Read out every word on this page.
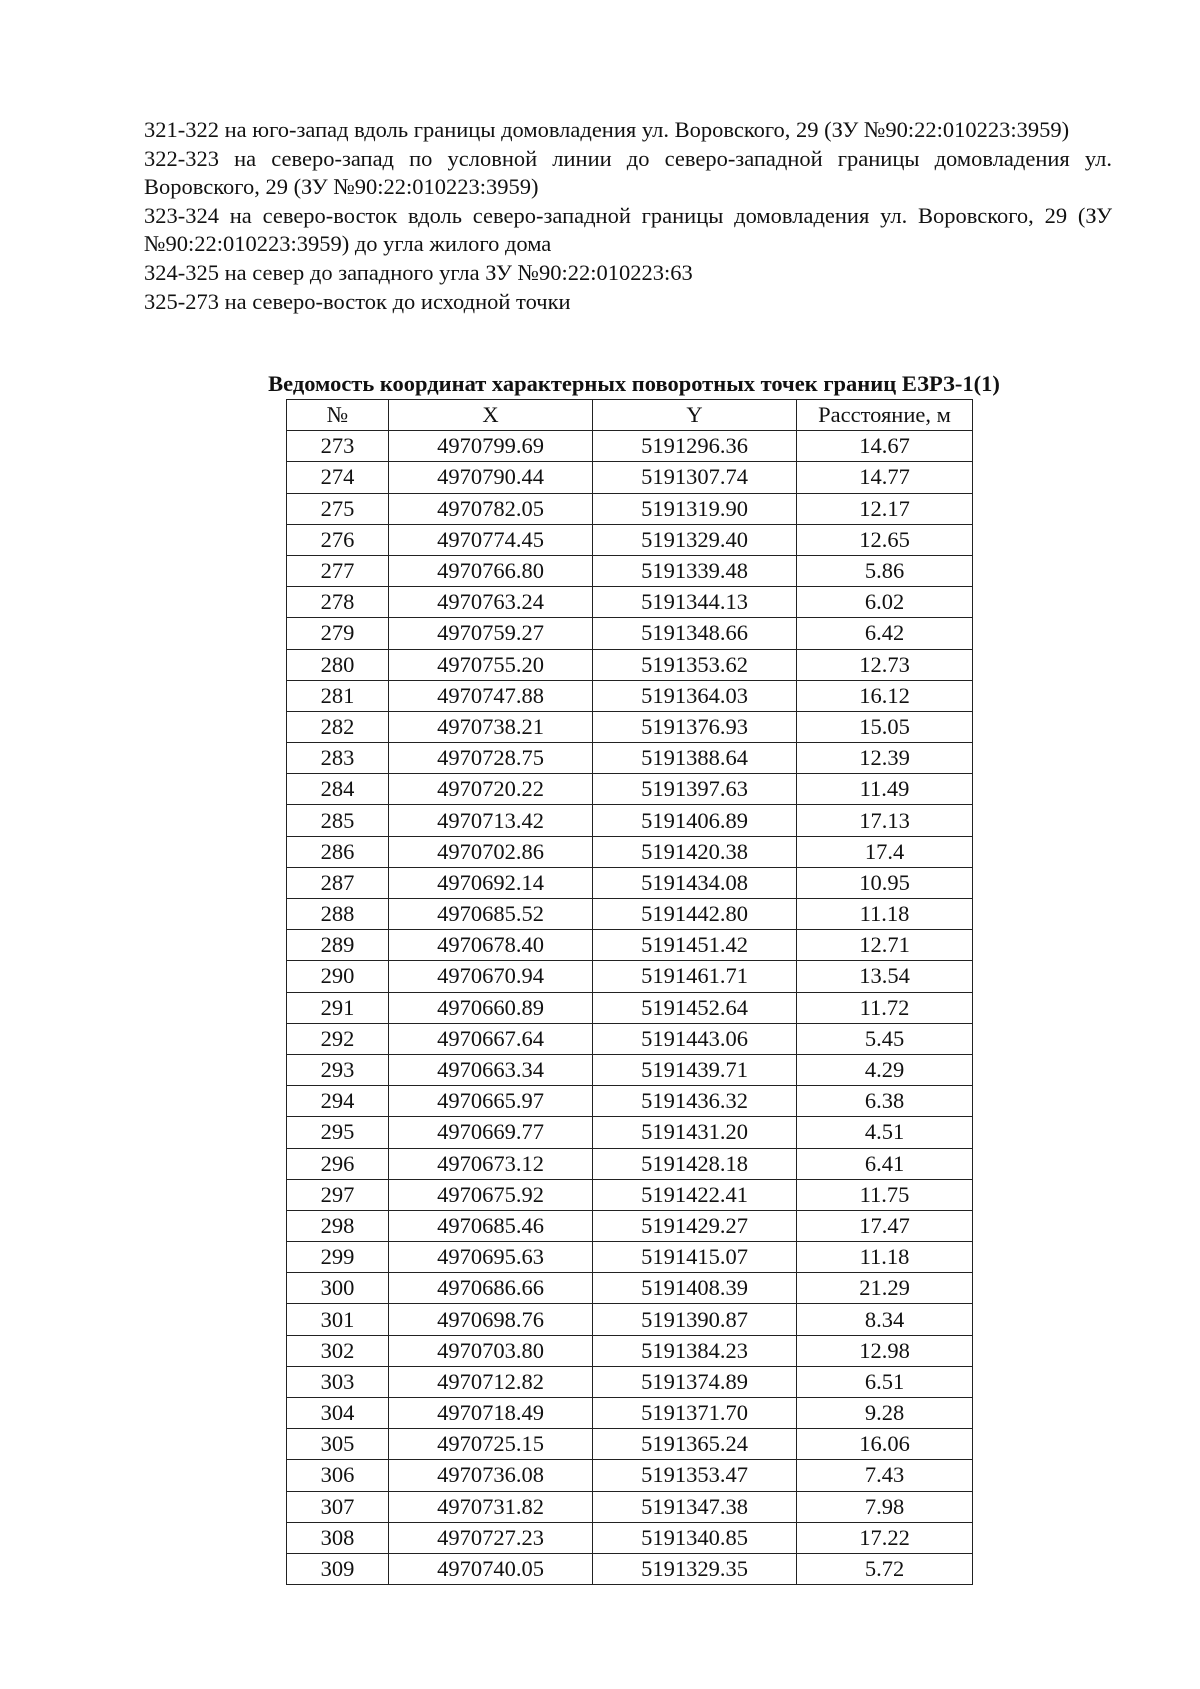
321-322 на юго-запад вдоль границы домовладения ул. Воровского, 29 (ЗУ №90:22:010223:3959)

322-323 на северо-запад по условной линии до северо-западной границы домовладения ул. Воровского, 29 (ЗУ №90:22:010223:3959)

323-324 на северо-восток вдоль северо-западной границы домовладения ул. Воровского, 29 (ЗУ №90:22:010223:3959) до угла жилого дома

324-325 на север до западного угла ЗУ №90:22:010223:63

325-273 на северо-восток до исходной точки

Ведомость координат характерных поворотных точек границ ЕЗРЗ-1(1)
№	X	Y	Расстояние, м
273	4970799.69	5191296.36	14.67
274	4970790.44	5191307.74	14.77
275	4970782.05	5191319.90	12.17
276	4970774.45	5191329.40	12.65
277	4970766.80	5191339.48	5.86
278	4970763.24	5191344.13	6.02
279	4970759.27	5191348.66	6.42
280	4970755.20	5191353.62	12.73
281	4970747.88	5191364.03	16.12
282	4970738.21	5191376.93	15.05
283	4970728.75	5191388.64	12.39
284	4970720.22	5191397.63	11.49
285	4970713.42	5191406.89	17.13
286	4970702.86	5191420.38	17.4
287	4970692.14	5191434.08	10.95
288	4970685.52	5191442.80	11.18
289	4970678.40	5191451.42	12.71
290	4970670.94	5191461.71	13.54
291	4970660.89	5191452.64	11.72
292	4970667.64	5191443.06	5.45
293	4970663.34	5191439.71	4.29
294	4970665.97	5191436.32	6.38
295	4970669.77	5191431.20	4.51
296	4970673.12	5191428.18	6.41
297	4970675.92	5191422.41	11.75
298	4970685.46	5191429.27	17.47
299	4970695.63	5191415.07	11.18
300	4970686.66	5191408.39	21.29
301	4970698.76	5191390.87	8.34
302	4970703.80	5191384.23	12.98
303	4970712.82	5191374.89	6.51
304	4970718.49	5191371.70	9.28
305	4970725.15	5191365.24	16.06
306	4970736.08	5191353.47	7.43
307	4970731.82	5191347.38	7.98
308	4970727.23	5191340.85	17.22
309	4970740.05	5191329.35	5.72
